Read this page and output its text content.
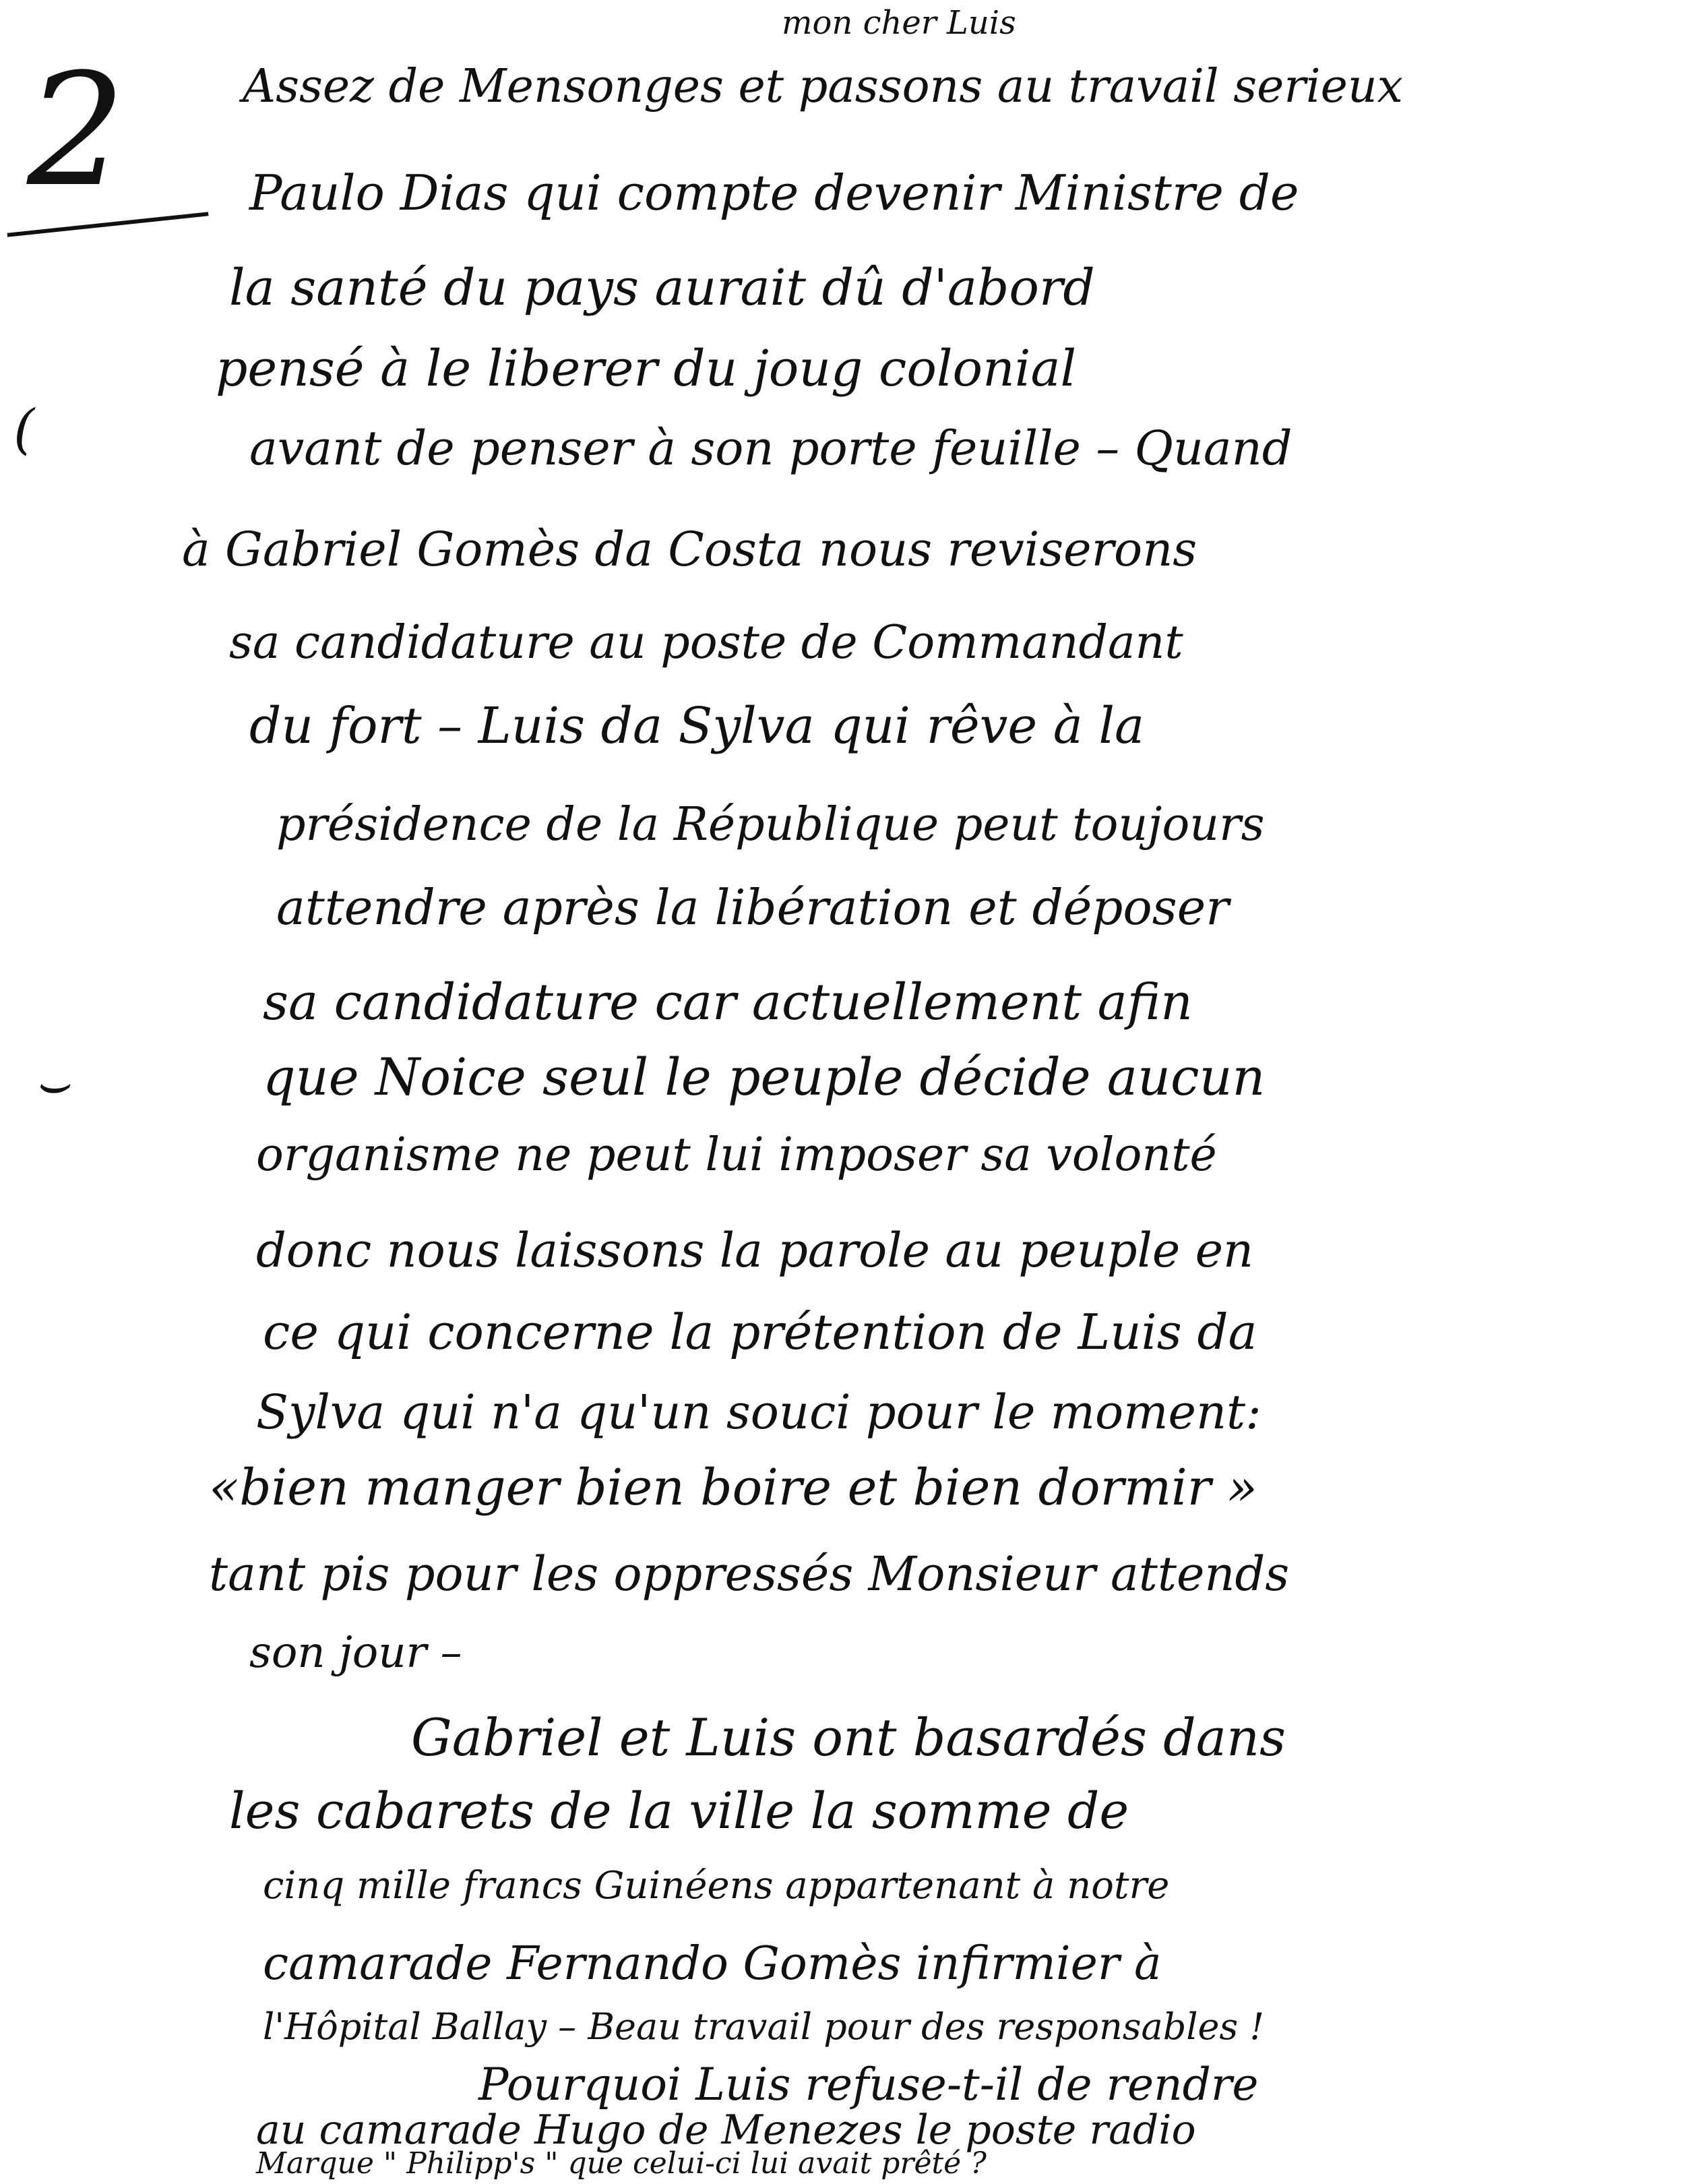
2
(
⌣
mon cher Luis
Assez de Mensonges et passons au travail serieux
Paulo Dias qui compte devenir Ministre de
la santé du pays aurait dû d'abord
pensé à le liberer du joug colonial
avant de penser à son porte feuille – Quand
à Gabriel Gomès da Costa nous reviserons
sa candidature au poste de Commandant
du fort – Luis da Sylva qui rêve à la
présidence de la République peut toujours
attendre après la libération et déposer
sa candidature car actuellement afin
que Noice seul le peuple décide aucun
organisme ne peut lui imposer sa volonté
donc nous laissons la parole au peuple en
ce qui concerne la prétention de Luis da
Sylva qui n'a qu'un souci pour le moment:
«bien manger bien boire et bien dormir »
tant pis pour les oppressés Monsieur attends
son jour –
Gabriel et Luis ont basardés dans
les cabarets de la ville la somme de
cinq mille francs Guinéens appartenant à notre
camarade Fernando Gomès infirmier à
l'Hôpital Ballay – Beau travail pour des responsables !
Pourquoi Luis refuse-t-il de rendre
au camarade Hugo de Menezes le poste radio
Marque " Philipp's " que celui-ci lui avait prêté ?
